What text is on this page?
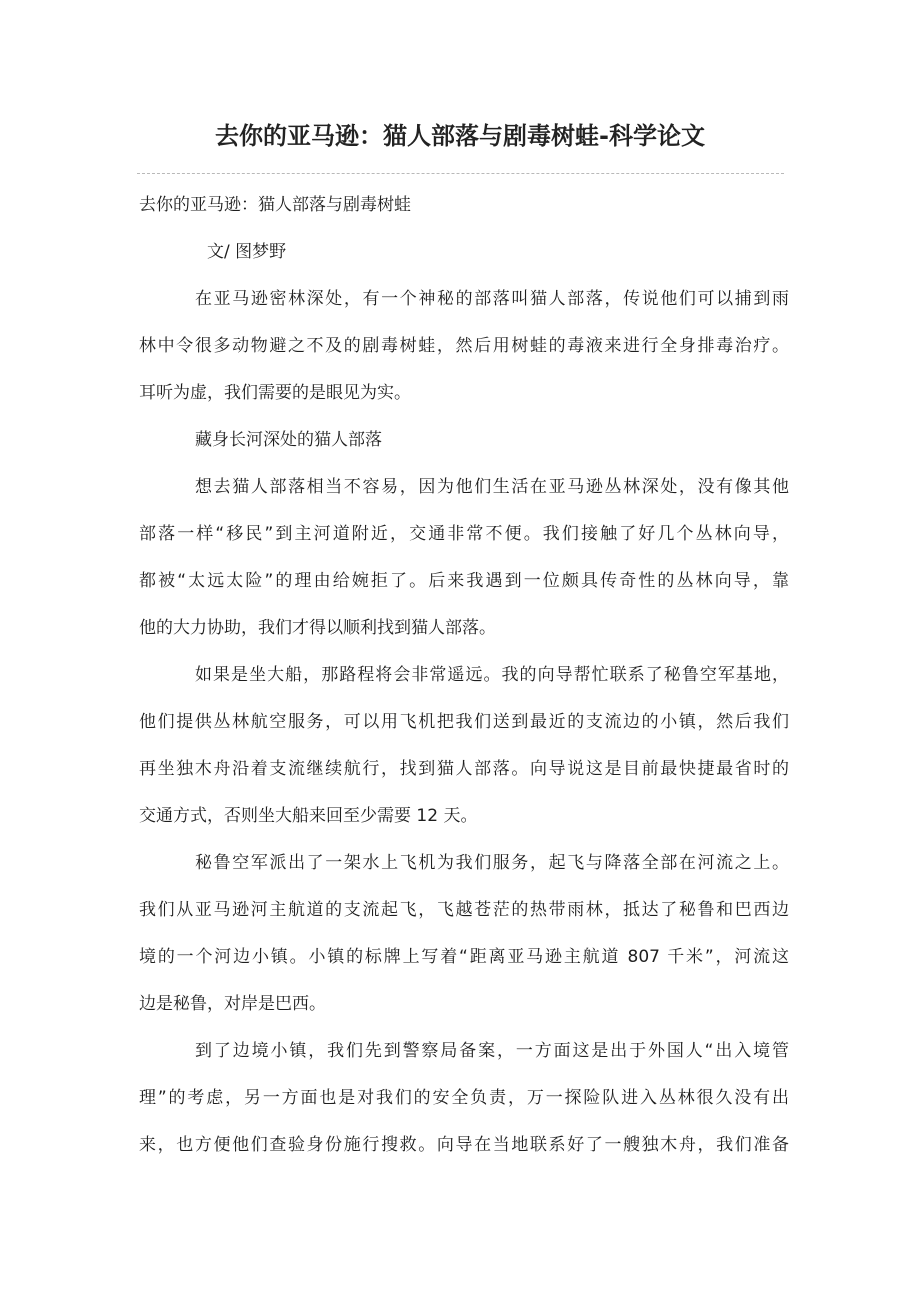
去你的亚马逊：猫人部落与剧毒树蛙-科学论文

去你的亚马逊：猫人部落与剧毒树蛙

文/ 图梦野

在亚马逊密林深处，有一个神秘的部落叫猫人部落，传说他们可以捕到雨

林中令很多动物避之不及的剧毒树蛙，然后用树蛙的毒液来进行全身排毒治疗。

耳听为虚，我们需要的是眼见为实。

藏身长河深处的猫人部落

想去猫人部落相当不容易，因为他们生活在亚马逊丛林深处，没有像其他

部落一样“移民”到主河道附近，交通非常不便。我们接触了好几个丛林向导，

都被“太远太险”的理由给婉拒了。后来我遇到一位颇具传奇性的丛林向导，靠

他的大力协助，我们才得以顺利找到猫人部落。

如果是坐大船，那路程将会非常遥远。我的向导帮忙联系了秘鲁空军基地，

他们提供丛林航空服务，可以用飞机把我们送到最近的支流边的小镇，然后我们

再坐独木舟沿着支流继续航行，找到猫人部落。向导说这是目前最快捷最省时的

交通方式，否则坐大船来回至少需要 12 天。

秘鲁空军派出了一架水上飞机为我们服务，起飞与降落全部在河流之上。

我们从亚马逊河主航道的支流起飞，飞越苍茫的热带雨林，抵达了秘鲁和巴西边

境的一个河边小镇。小镇的标牌上写着“距离亚马逊主航道 807 千米”，河流这

边是秘鲁，对岸是巴西。

到了边境小镇，我们先到警察局备案，一方面这是出于外国人“出入境管

理”的考虑，另一方面也是对我们的安全负责，万一探险队进入丛林很久没有出

来，也方便他们查验身份施行搜救。向导在当地联系好了一艘独木舟，我们准备
